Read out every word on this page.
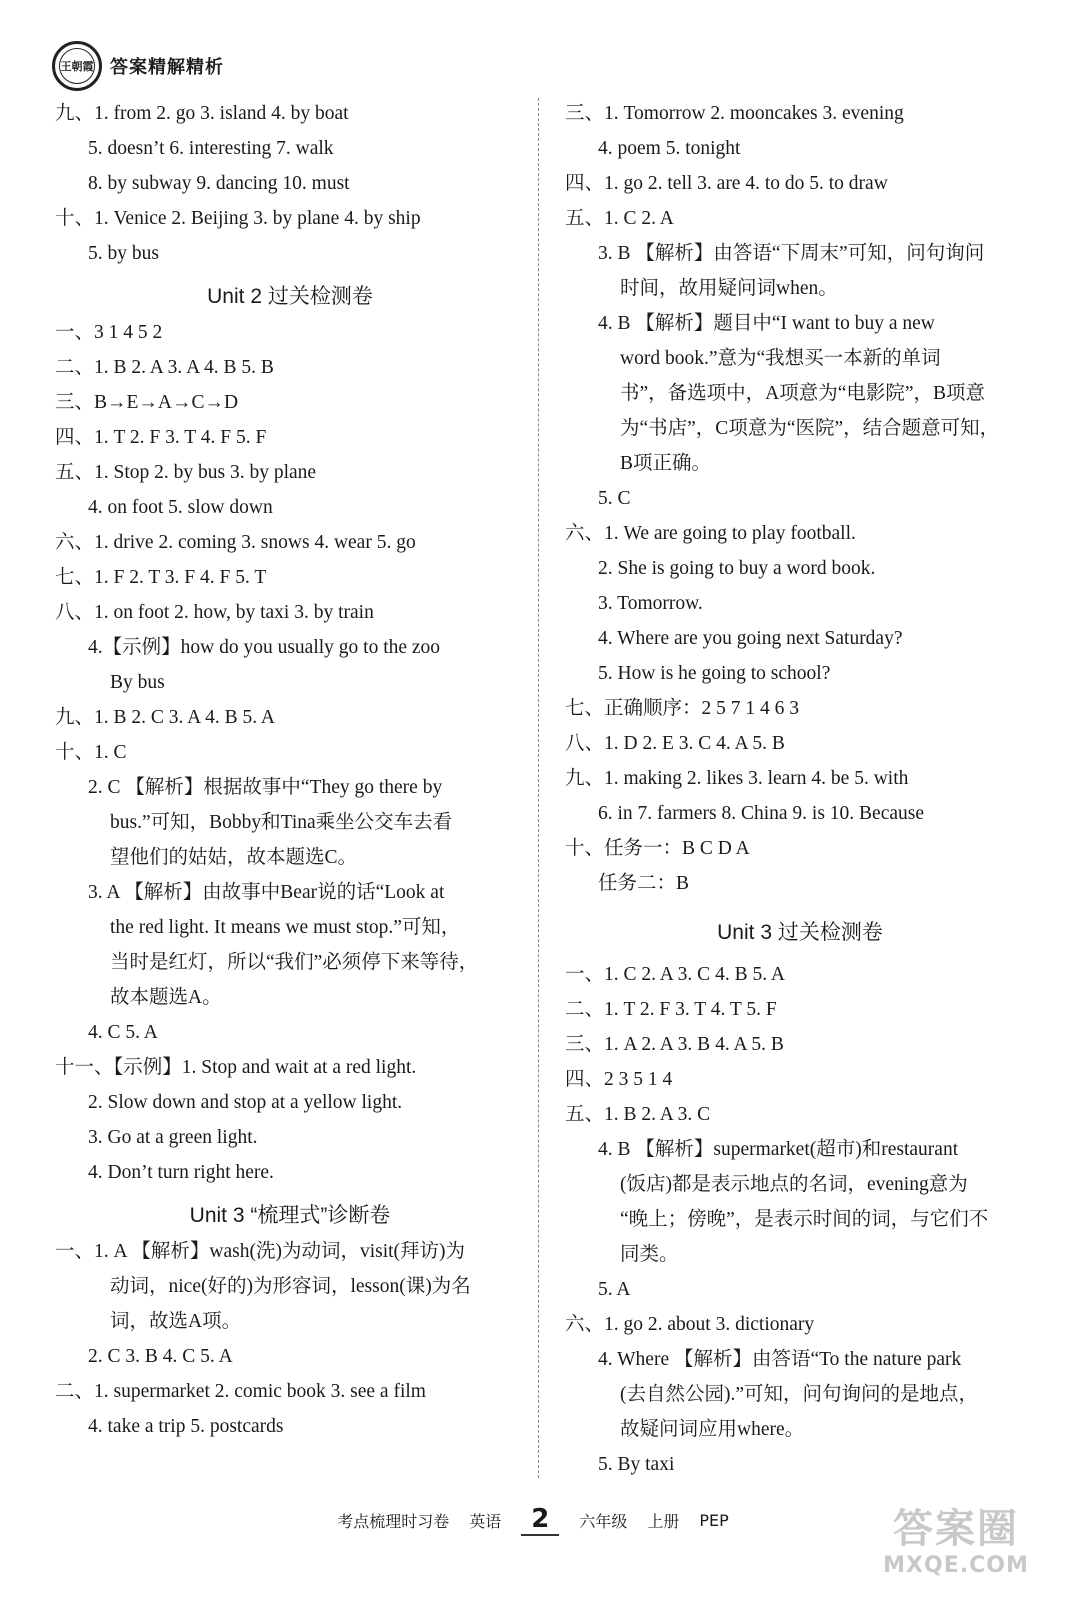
王朝霞 答案精解精析
九、1. from 2. go 3. island 4. by boat
5. doesn’t 6. interesting 7. walk
8. by subway 9. dancing 10. must
十、1. Venice 2. Beijing 3. by plane 4. by ship
5. by bus
Unit 2 过关检测卷
一、3 1 4 5 2
二、1. B 2. A 3. A 4. B 5. B
三、B→E→A→C→D
四、1. T 2. F 3. T 4. F 5. F
五、1. Stop 2. by bus 3. by plane
4. on foot 5. slow down
六、1. drive 2. coming 3. snows 4. wear 5. go
七、1. F 2. T 3. F 4. F 5. T
八、1. on foot 2. how, by taxi 3. by train
4.【示例】how do you usually go to the zoo
By bus
九、1. B 2. C 3. A 4. B 5. A
十、1. C
2. C 【解析】根据故事中“They go there by
bus.”可知，Bobby和Tina乘坐公交车去看
望他们的姑姑，故本题选C。
3. A 【解析】由故事中Bear说的话“Look at
the red light. It means we must stop.”可知，
当时是红灯，所以“我们”必须停下来等待，
故本题选A。
4. C 5. A
十一、【示例】1. Stop and wait at a red light.
2. Slow down and stop at a yellow light.
3. Go at a green light.
4. Don’t turn right here.
Unit 3 “梳理式”诊断卷
一、1. A 【解析】wash(洗)为动词，visit(拜访)为
动词，nice(好的)为形容词，lesson(课)为名
词，故选A项。
2. C 3. B 4. C 5. A
二、1. supermarket 2. comic book 3. see a film
4. take a trip 5. postcards
三、1. Tomorrow 2. mooncakes 3. evening
4. poem 5. tonight
四、1. go 2. tell 3. are 4. to do 5. to draw
五、1. C 2. A
3. B 【解析】由答语“下周末”可知，问句询问
时间，故用疑问词when。
4. B 【解析】题目中“I want to buy a new
word book.”意为“我想买一本新的单词
书”，备选项中，A项意为“电影院”，B项意
为“书店”，C项意为“医院”，结合题意可知，
B项正确。
5. C
六、1. We are going to play football.
2. She is going to buy a word book.
3. Tomorrow.
4. Where are you going next Saturday?
5. How is he going to school?
七、正确顺序：2 5 7 1 4 6 3
八、1. D 2. E 3. C 4. A 5. B
九、1. making 2. likes 3. learn 4. be 5. with
6. in 7. farmers 8. China 9. is 10. Because
十、任务一：B C D A
任务二：B
Unit 3 过关检测卷
一、1. C 2. A 3. C 4. B 5. A
二、1. T 2. F 3. T 4. T 5. F
三、1. A 2. A 3. B 4. A 5. B
四、2 3 5 1 4
五、1. B 2. A 3. C
4. B 【解析】supermarket(超市)和restaurant
(饭店)都是表示地点的名词，evening意为
“晚上；傍晚”，是表示时间的词，与它们不
同类。
5. A
六、1. go 2. about 3. dictionary
4. Where 【解析】由答语“To the nature park
(去自然公园).”可知，问句询问的是地点，
故疑问词应用where。
5. By taxi
考点梳理时习卷 英语	2	六年级 上册 PEP	答案圈
MXQE.COM
